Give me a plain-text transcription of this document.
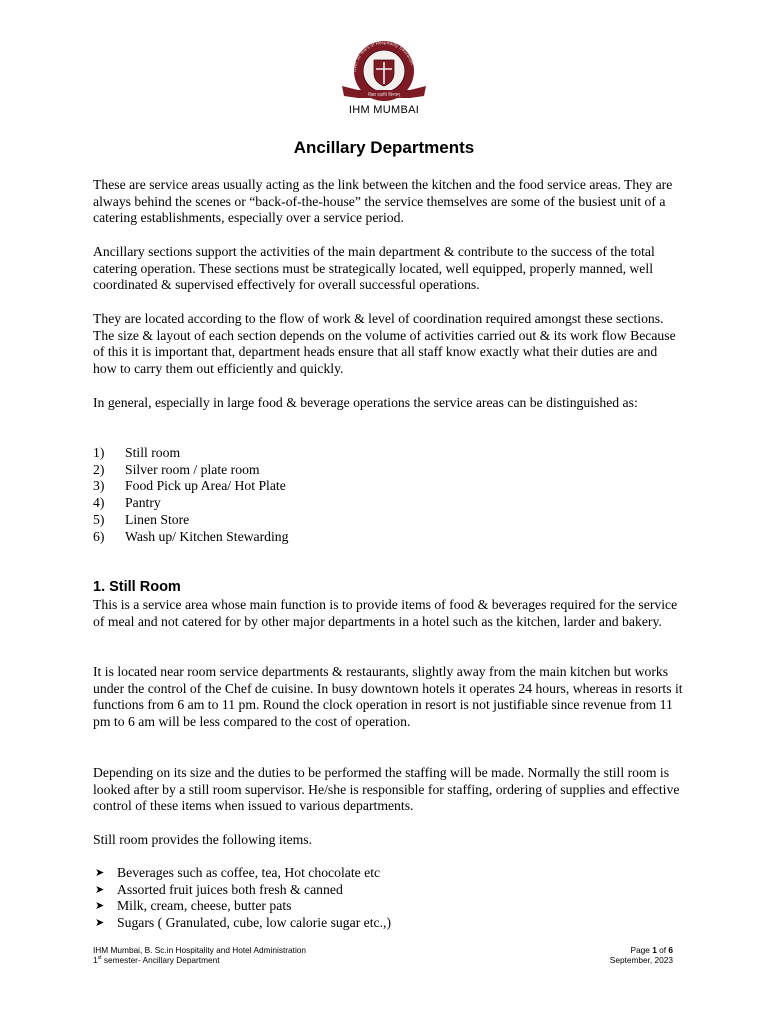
Over 50 Years of Hospitality Education
विद्या ददाति विनयम्
IHM MUMBAI
Ancillary Departments

These are service areas usually acting as the link between the kitchen and the food service areas. They are always behind the scenes or “back-of-the-house” the service themselves are some of the busiest unit of a catering establishments, especially over a service period.

Ancillary sections support the activities of the main department & contribute to the success of the total catering operation. These sections must be strategically located, well equipped, properly manned, well coordinated & supervised effectively for overall successful operations.

They are located according to the flow of work & level of coordination required amongst these sections. The size & layout of each section depends on the volume of activities carried out & its work flow Because of this it is important that, department heads ensure that all staff know exactly what their duties are and how to carry them out efficiently and quickly.

In general, especially in large food & beverage operations the service areas can be distinguished as:

1)	Still room
2)	Silver room / plate room
3)	Food Pick up Area/ Hot Plate
4)	Pantry
5)	Linen Store
6)	Wash up/ Kitchen Stewarding
1. Still Room

This is a service area whose main function is to provide items of food & beverages required for the service of meal and not catered for by other major departments in a hotel such as the kitchen, larder and bakery.

It is located near room service departments & restaurants, slightly away from the main kitchen but works under the control of the Chef de cuisine. In busy downtown hotels it operates 24 hours, whereas in resorts it functions from 6 am to 11 pm. Round the clock operation in resort is not justifiable since revenue from 11 pm to 6 am will be less compared to the cost of operation.

Depending on its size and the duties to be performed the staffing will be made. Normally the still room is looked after by a still room supervisor. He/she is responsible for staffing, ordering of supplies and effective control of these items when issued to various departments.

Still room provides the following items.

➤ Beverages such as coffee, tea, Hot chocolate etc
➤ Assorted fruit juices both fresh & canned
➤ Milk, cream, cheese, butter pats
➤ Sugars ( Granulated, cube, low calorie sugar etc.,)
IHM Mumbai, B. Sc.in Hospitality and Hotel Administration
1st semester- Ancillary Department
Page 1 of 6
September, 2023
